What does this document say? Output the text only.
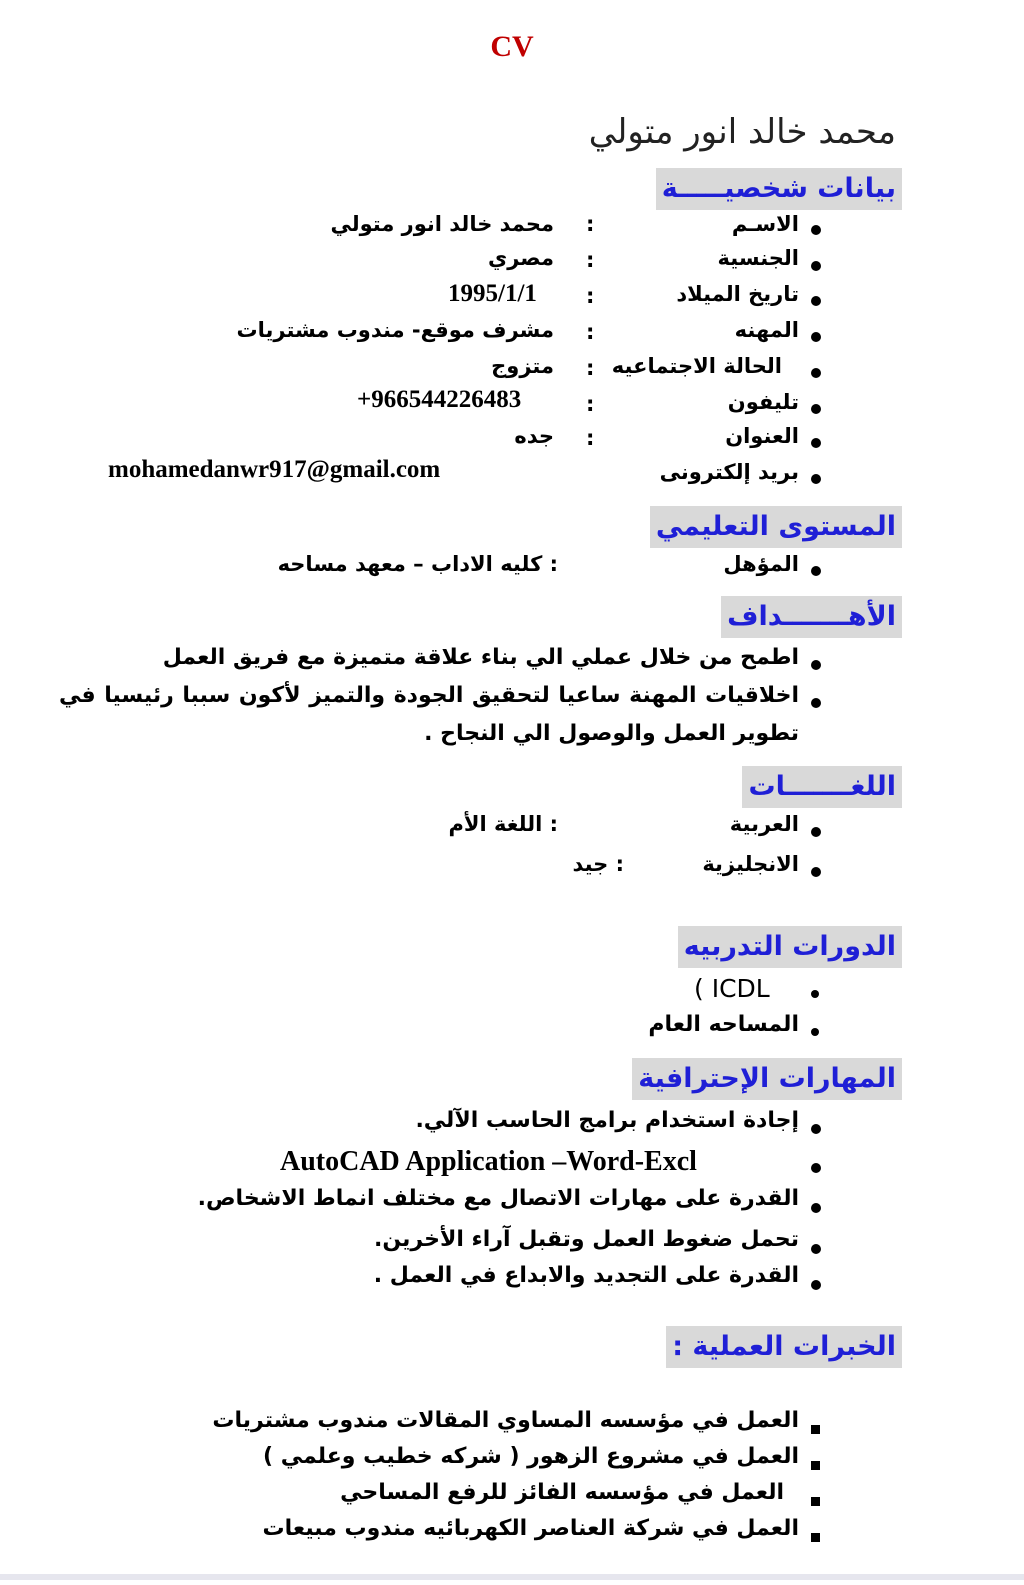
CV
محمد خالد انور متولي
بيانات شخصيـــــة
الاسـم
:
محمد خالد انور متولي
الجنسية
:
مصري
تاريخ الميلاد
:
1995/1/1
المهنه
:
مشرف موقع- مندوب مشتريات
الحالة الاجتماعيه
:
متزوج
تليفون
:
+966544226483
العنوان
:
جده
بريد إلكترونى
mohamedanwr917@gmail.com
المستوى التعليمي
المؤهل
: كليه الاداب – معهد مساحه
الأهـــــــداف
اطمح من خلال عملي الي بناء علاقة متميزة مع فريق العمل
اخلاقيات المهنة ساعيا لتحقيق الجودة والتميز لأكون سببا رئيسيا في
تطوير العمل والوصول الي النجاح .
اللغـــــــات
العربية
: اللغة الأم
الانجليزية
: جيد
الدورات التدربيه
( ICDL
المساحه العام
المهارات الإحترافية
إجادة استخدام برامج الحاسب الآلي.
AutoCAD Application –Word-Excl
القدرة على مهارات الاتصال مع مختلف انماط الاشخاص.
تحمل ضغوط العمل وتقبل آراء الأخرين.
القدرة على التجديد والابداع في العمل .
الخبرات العملية :
العمل في مؤسسه المساوي المقالات مندوب مشتريات
العمل في مشروع الزهور ( شركه خطيب وعلمي )
العمل في مؤسسه الفائز للرفع المساحي
العمل في شركة العناصر الكهربائيه مندوب مبيعات
